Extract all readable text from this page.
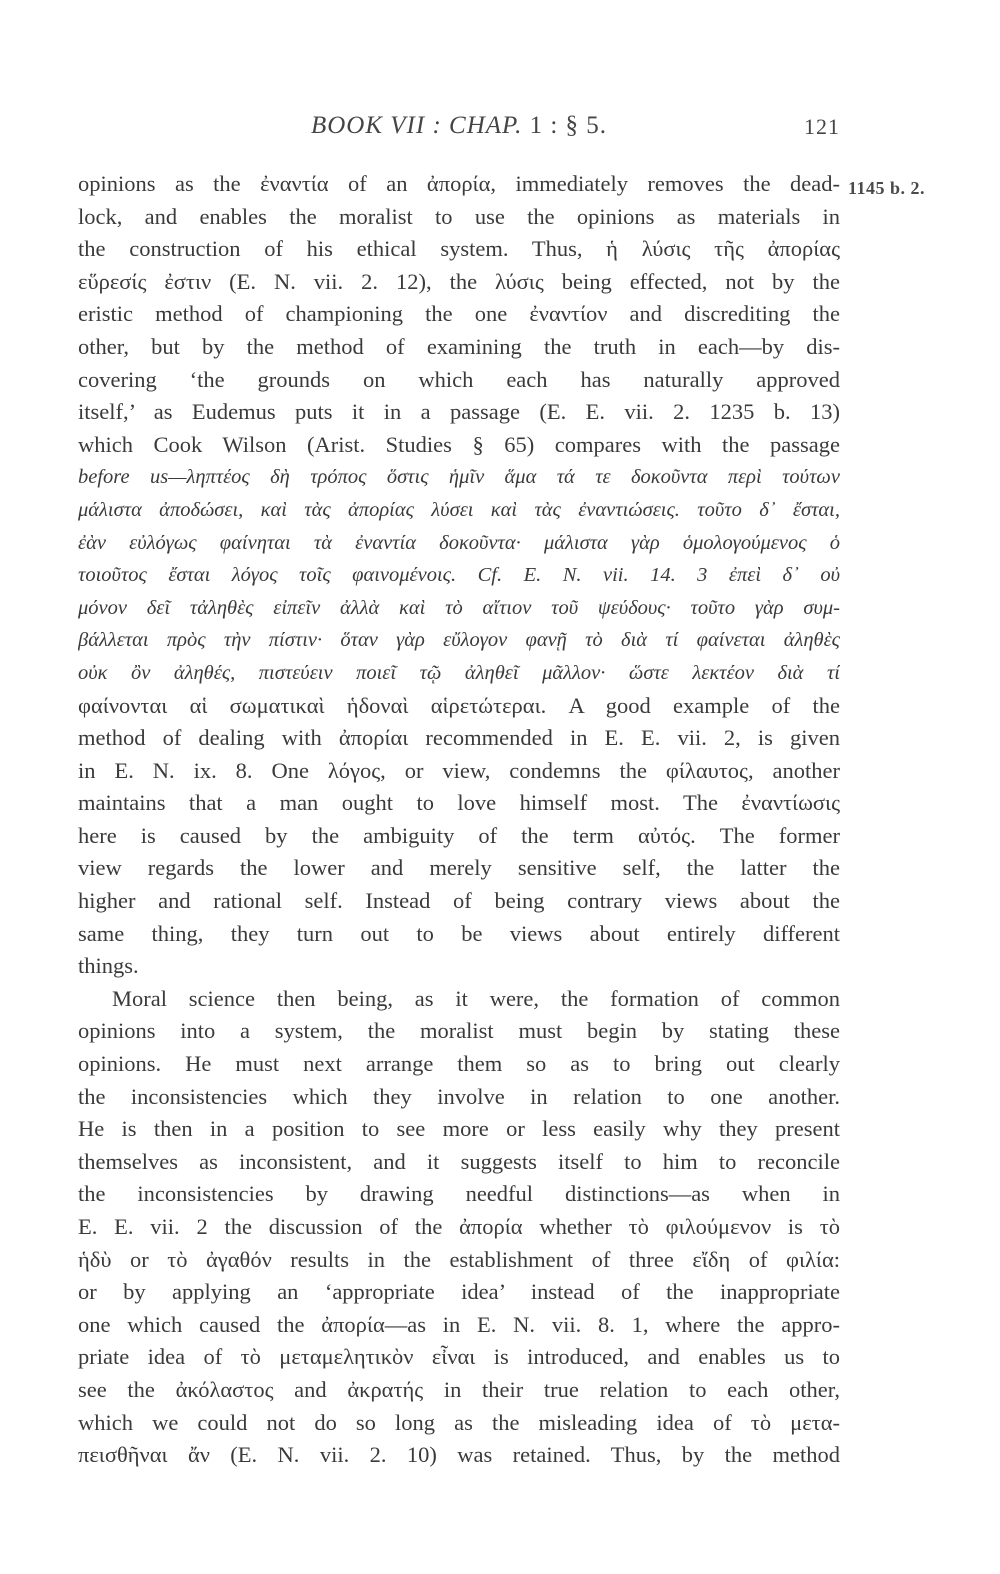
BOOK VII : CHAP. 1 : § 5.	121
1145 b. 2.
opinions as the ἐναντία of an ἀπορία, immediately removes the dead-
lock, and enables the moralist to use the opinions as materials in
the construction of his ethical system. Thus, ἡ λύσις τῆς ἀπορίας
εὕρεσίς ἐστιν (E. N. vii. 2. 12), the λύσις being effected, not by the
eristic method of championing the one ἐναντίον and discrediting the
other, but by the method of examining the truth in each—by dis-
covering ‘the grounds on which each has naturally approved
itself,’ as Eudemus puts it in a passage (E. E. vii. 2. 1235 b. 13)
which Cook Wilson (Arist. Studies § 65) compares with the passage
before us—ληπτέος δὴ τρόπος ὅστις ἡμῖν ἅμα τά τε δοκοῦντα περὶ τούτων
μάλιστα ἀποδώσει, καὶ τὰς ἀπορίας λύσει καὶ τὰς ἐναντιώσεις. τοῦτο δ᾽ ἔσται,
ἐὰν εὐλόγως φαίνηται τὰ ἐναντία δοκοῦντα· μάλιστα γὰρ ὁμολογούμενος ὁ
τοιοῦτος ἔσται λόγος τοῖς φαινομένοις. Cf. E. N. vii. 14. 3 ἐπεὶ δ᾽ οὐ
μόνον δεῖ τἀληθὲς εἰπεῖν ἀλλὰ καὶ τὸ αἴτιον τοῦ ψεύδους· τοῦτο γὰρ συμ-
βάλλεται πρὸς τὴν πίστιν· ὅταν γὰρ εὔλογον φανῇ τὸ διὰ τί φαίνεται ἀληθὲς
οὐκ ὂν ἀληθές, πιστεύειν ποιεῖ τῷ ἀληθεῖ μᾶλλον· ὥστε λεκτέον διὰ τί
φαίνονται αἱ σωματικαὶ ἡδοναὶ αἱρετώτεραι. A good example of the
method of dealing with ἀπορίαι recommended in E. E. vii. 2, is given
in E. N. ix. 8. One λόγος, or view, condemns the φίλαυτος, another
maintains that a man ought to love himself most. The ἐναντίωσις
here is caused by the ambiguity of the term αὐτός. The former
view regards the lower and merely sensitive self, the latter the
higher and rational self. Instead of being contrary views about the
same thing, they turn out to be views about entirely different
things.
Moral science then being, as it were, the formation of common
opinions into a system, the moralist must begin by stating these
opinions. He must next arrange them so as to bring out clearly
the inconsistencies which they involve in relation to one another.
He is then in a position to see more or less easily why they present
themselves as inconsistent, and it suggests itself to him to reconcile
the inconsistencies by drawing needful distinctions—as when in
E. E. vii. 2 the discussion of the ἀπορία whether τὸ φιλούμενον is τὸ
ἡδὺ or τὸ ἀγαθόν results in the establishment of three εἴδη of φιλία:
or by applying an ‘appropriate idea’ instead of the inappropriate
one which caused the ἀπορία—as in E. N. vii. 8. 1, where the appro-
priate idea of τὸ μεταμελητικὸν εἶναι is introduced, and enables us to
see the ἀκόλαστος and ἀκρατής in their true relation to each other,
which we could not do so long as the misleading idea of τὸ μετα-
πεισθῆναι ἄν (E. N. vii. 2. 10) was retained. Thus, by the method
